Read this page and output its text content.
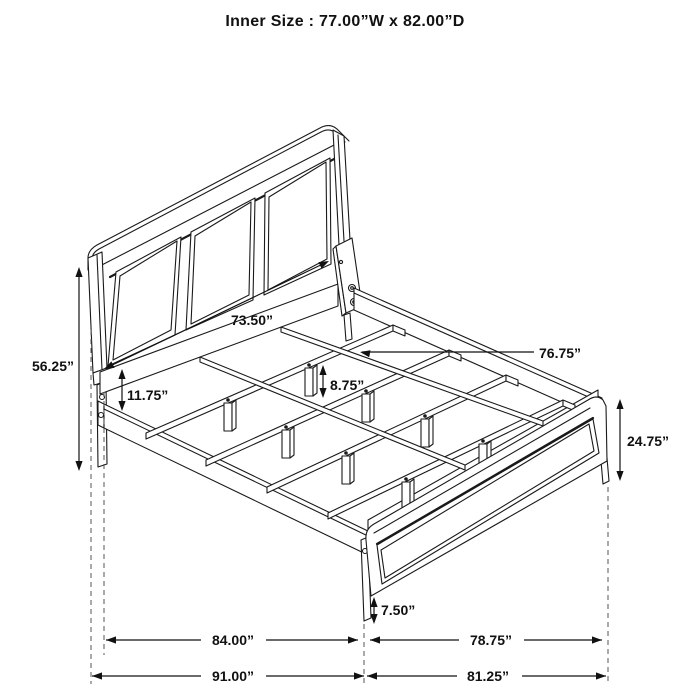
Inner Size : 77.00”W x 82.00”D
56.25”
11.75”
73.50”
76.75”
8.75”
24.75”
7.50”
84.00”	78.75”
91.00”	81.25”
